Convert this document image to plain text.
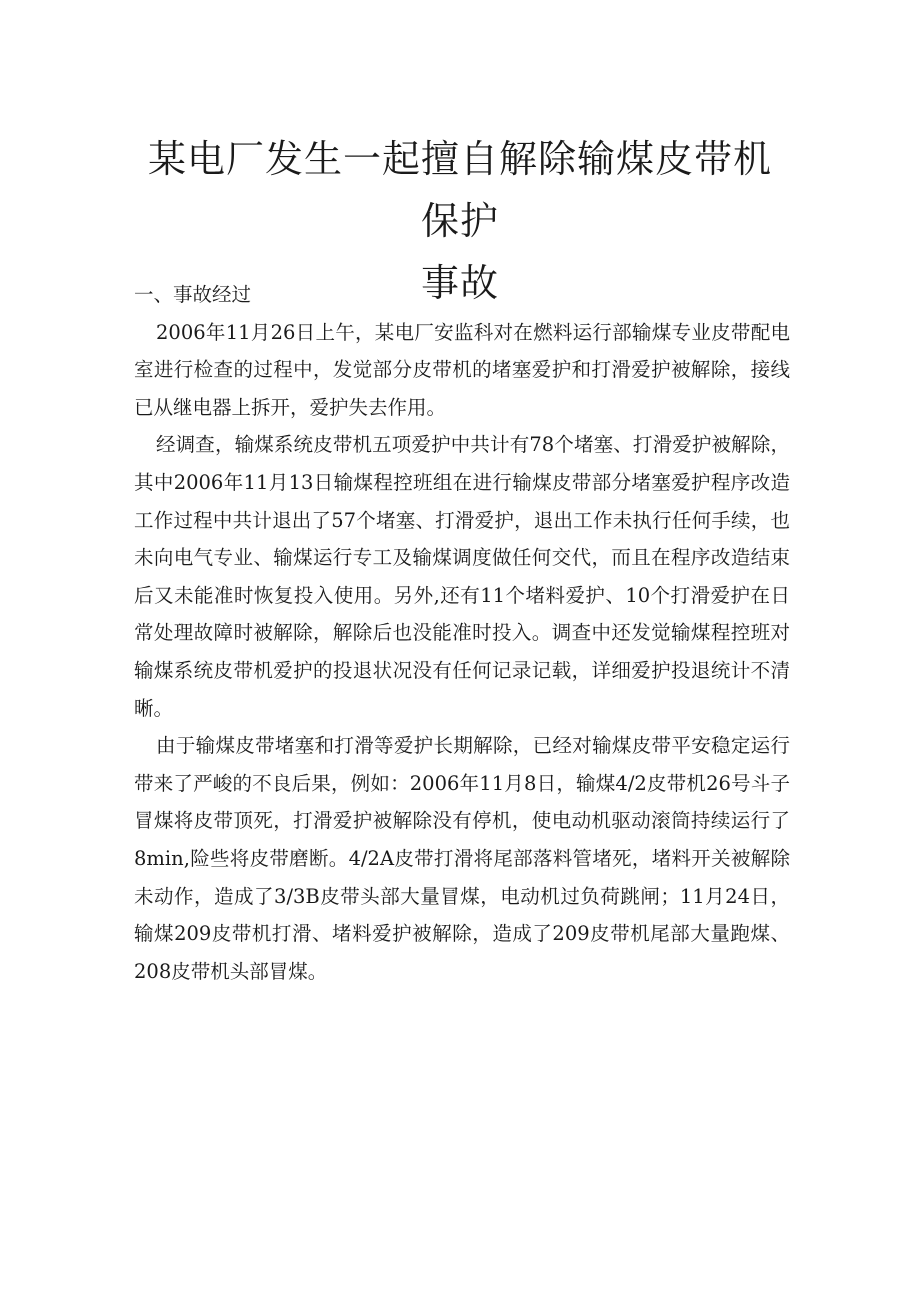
某电厂发生一起擅自解除输煤皮带机保护
事故

一、事故经过

2006年11月26日上午，某电厂安监科对在燃料运行部输煤专业皮带配电室进行检查的过程中，发觉部分皮带机的堵塞爱护和打滑爱护被解除，接线已从继电器上拆开，爱护失去作用。

经调查，输煤系统皮带机五项爱护中共计有78个堵塞、打滑爱护被解除，其中2006年11月13日输煤程控班组在进行输煤皮带部分堵塞爱护程序改造工作过程中共计退出了57个堵塞、打滑爱护，退出工作未执行任何手续，也未向电气专业、输煤运行专工及输煤调度做任何交代，而且在程序改造结束后又未能准时恢复投入使用。另外,还有11个堵料爱护、10个打滑爱护在日常处理故障时被解除，解除后也没能准时投入。调查中还发觉输煤程控班对输煤系统皮带机爱护的投退状况没有任何记录记载，详细爱护投退统计不清晰。

由于输煤皮带堵塞和打滑等爱护长期解除，已经对输煤皮带平安稳定运行带来了严峻的不良后果，例如：2006年11月8日，输煤4/2皮带机26号斗子冒煤将皮带顶死，打滑爱护被解除没有停机，使电动机驱动滚筒持续运行了8min,险些将皮带磨断。4/2A皮带打滑将尾部落料管堵死，堵料开关被解除未动作，造成了3/3B皮带头部大量冒煤，电动机过负荷跳闸；11月24日，输煤209皮带机打滑、堵料爱护被解除，造成了209皮带机尾部大量跑煤、208皮带机头部冒煤。
